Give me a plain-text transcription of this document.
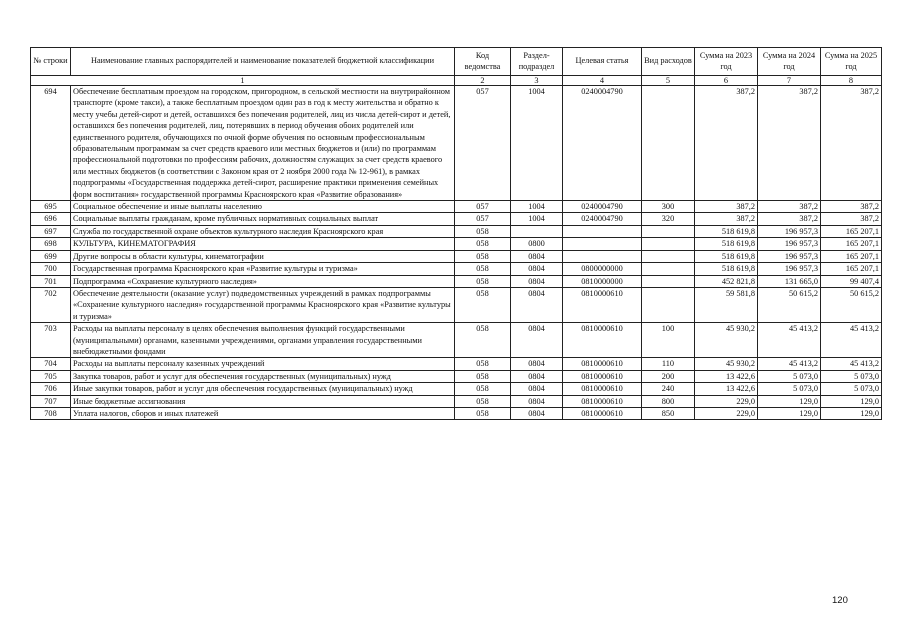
№ строки	Наименование главных распорядителей и наименование показателей бюджетной классификации	Код ведомства	Раздел-подраздел	Целевая статья	Вид расходов	Сумма на 2023 год	Сумма на 2024 год	Сумма на 2025 год
1		2	3	4	5	6	7	8
694	Обеспечение бесплатным проездом на городском, пригородном, в сельской местности на внутрирайонном транспорте (кроме такси), а также бесплатным проездом один раз в год к месту жительства и обратно к месту учебы детей-сирот и детей, оставшихся без попечения родителей, лиц из числа детей-сирот и детей, оставшихся без попечения родителей, лиц, потерявших в период обучения обоих родителей или единственного родителя, обучающихся по очной форме обучения по основным профессиональным образовательным программам за счет средств краевого или местных бюджетов и (или) по программам профессиональной подготовки по профессиям рабочих, должностям служащих за счет средств краевого или местных бюджетов (в соответствии с Законом края от 2 ноября 2000 года № 12-961), в рамках подпрограммы «Государственная поддержка детей-сирот, расширение практики применения семейных форм воспитания» государственной программы Красноярского края «Развитие образования»	057	1004	0240004790		387,2	387,2	387,2
695	Социальное обеспечение и иные выплаты населению	057	1004	0240004790	300	387,2	387,2	387,2
696	Социальные выплаты гражданам, кроме публичных нормативных социальных выплат	057	1004	0240004790	320	387,2	387,2	387,2
697	Служба по государственной охране объектов культурного наследия Красноярского края	058				518 619,8	196 957,3	165 207,1
698	КУЛЬТУРА, КИНЕМАТОГРАФИЯ	058	0800			518 619,8	196 957,3	165 207,1
699	Другие вопросы в области культуры, кинематографии	058	0804			518 619,8	196 957,3	165 207,1
700	Государственная программа Красноярского края «Развитие культуры и туризма»	058	0804	0800000000		518 619,8	196 957,3	165 207,1
701	Подпрограмма «Сохранение культурного наследия»	058	0804	0810000000		452 821,8	131 665,0	99 407,4
702	Обеспечение деятельности (оказание услуг) подведомственных учреждений в рамках подпрограммы «Сохранение культурного наследия» государственной программы Красноярского края «Развитие культуры и туризма»	058	0804	0810000610		59 581,8	50 615,2	50 615,2
703	Расходы на выплаты персоналу в целях обеспечения выполнения функций государственными (муниципальными) органами, казенными учреждениями, органами управления государственными внебюджетными фондами	058	0804	0810000610	100	45 930,2	45 413,2	45 413,2
704	Расходы на выплаты персоналу казенных учреждений	058	0804	0810000610	110	45 930,2	45 413,2	45 413,2
705	Закупка товаров, работ и услуг для обеспечения государственных (муниципальных) нужд	058	0804	0810000610	200	13 422,6	5 073,0	5 073,0
706	Иные закупки товаров, работ и услуг для обеспечения государственных (муниципальных) нужд	058	0804	0810000610	240	13 422,6	5 073,0	5 073,0
707	Иные бюджетные ассигнования	058	0804	0810000610	800	229,0	129,0	129,0
708	Уплата налогов, сборов и иных платежей	058	0804	0810000610	850	229,0	129,0	129,0
120
